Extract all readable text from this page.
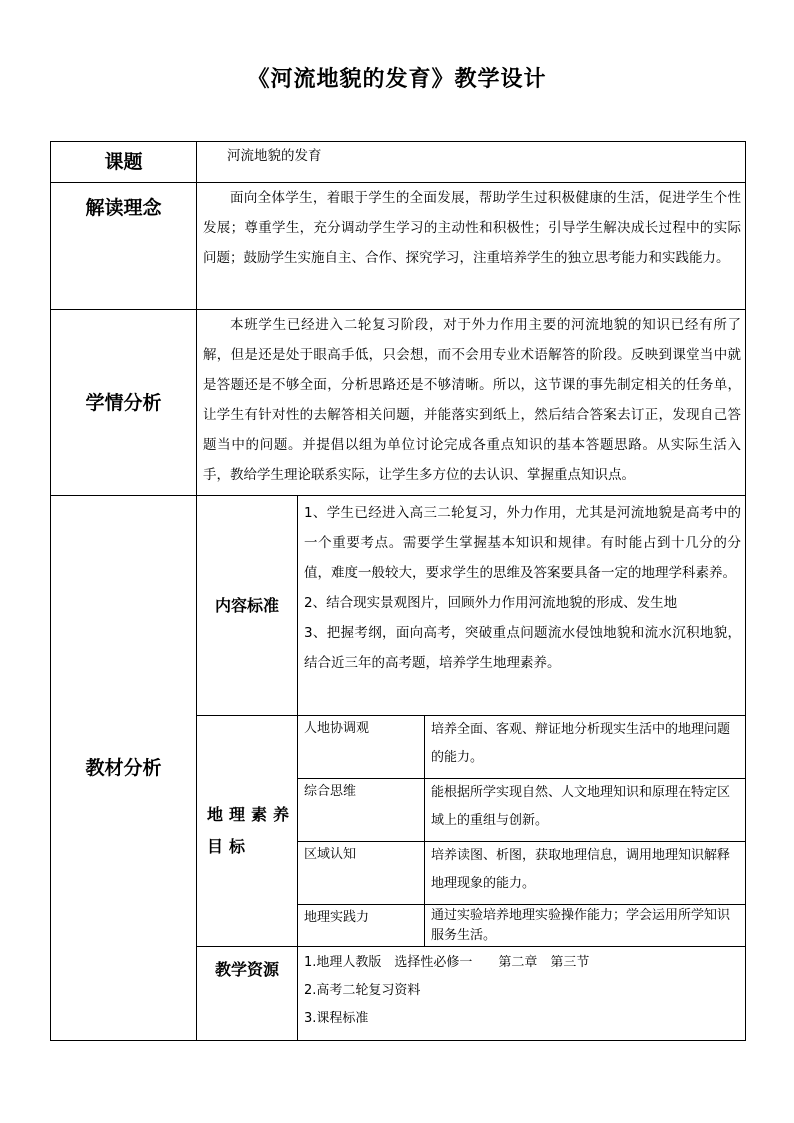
《河流地貌的发育》教学设计
课题	河流地貌的发育		
解读理念	面向全体学生，着眼于学生的全面发展，帮助学生过积极健康的生活，促进学生个性发展；尊重学生，充分调动学生学习的主动性和积极性；引导学生解决成长过程中的实际问题；鼓励学生实施自主、合作、探究学习，注重培养学生的独立思考能力和实践能力。		
学情分析	本班学生已经进入二轮复习阶段，对于外力作用主要的河流地貌的知识已经有所了解，但是还是处于眼高手低，只会想，而不会用专业术语解答的阶段。反映到课堂当中就是答题还是不够全面，分析思路还是不够清晰。所以，这节课的事先制定相关的任务单，让学生有针对性的去解答相关问题，并能落实到纸上，然后结合答案去订正，发现自己答题当中的问题。并提倡以组为单位讨论完成各重点知识的基本答题思路。从实际生活入手，教给学生理论联系实际，让学生多方位的去认识、掌握重点知识点。		
教材分析	内容标准	1、学生已经进入高三二轮复习，外力作用，尤其是河流地貌是高考中的一个重要考点。需要学生掌握基本知识和规律。有时能占到十几分的分值，难度一般较大，要求学生的思维及答案要具备一定的地理学科素养。
2、结合现实景观图片，回顾外力作用河流地貌的形成、发生地
3、把握考纲，面向高考，突破重点问题流水侵蚀地貌和流水沉积地貌，结合近三年的高考题，培养学生地理素养。	

	地理素养目标	人地协调观	培养全面、客观、辩证地分析现实生活中的地理问题的能力。
		综合思维	能根据所学实现自然、人文地理知识和原理在特定区域上的重组与创新。
		区域认知	培养读图、析图，获取地理信息，调用地理知识解释地理现象的能力。
		地理实践力	通过实验培养地理实验操作能力；学会运用所学知识服务生活。
	教学资源	1.地理人教版　选择性必修一　　第二章　第三节
2.高考二轮复习资料
3.课程标准	
